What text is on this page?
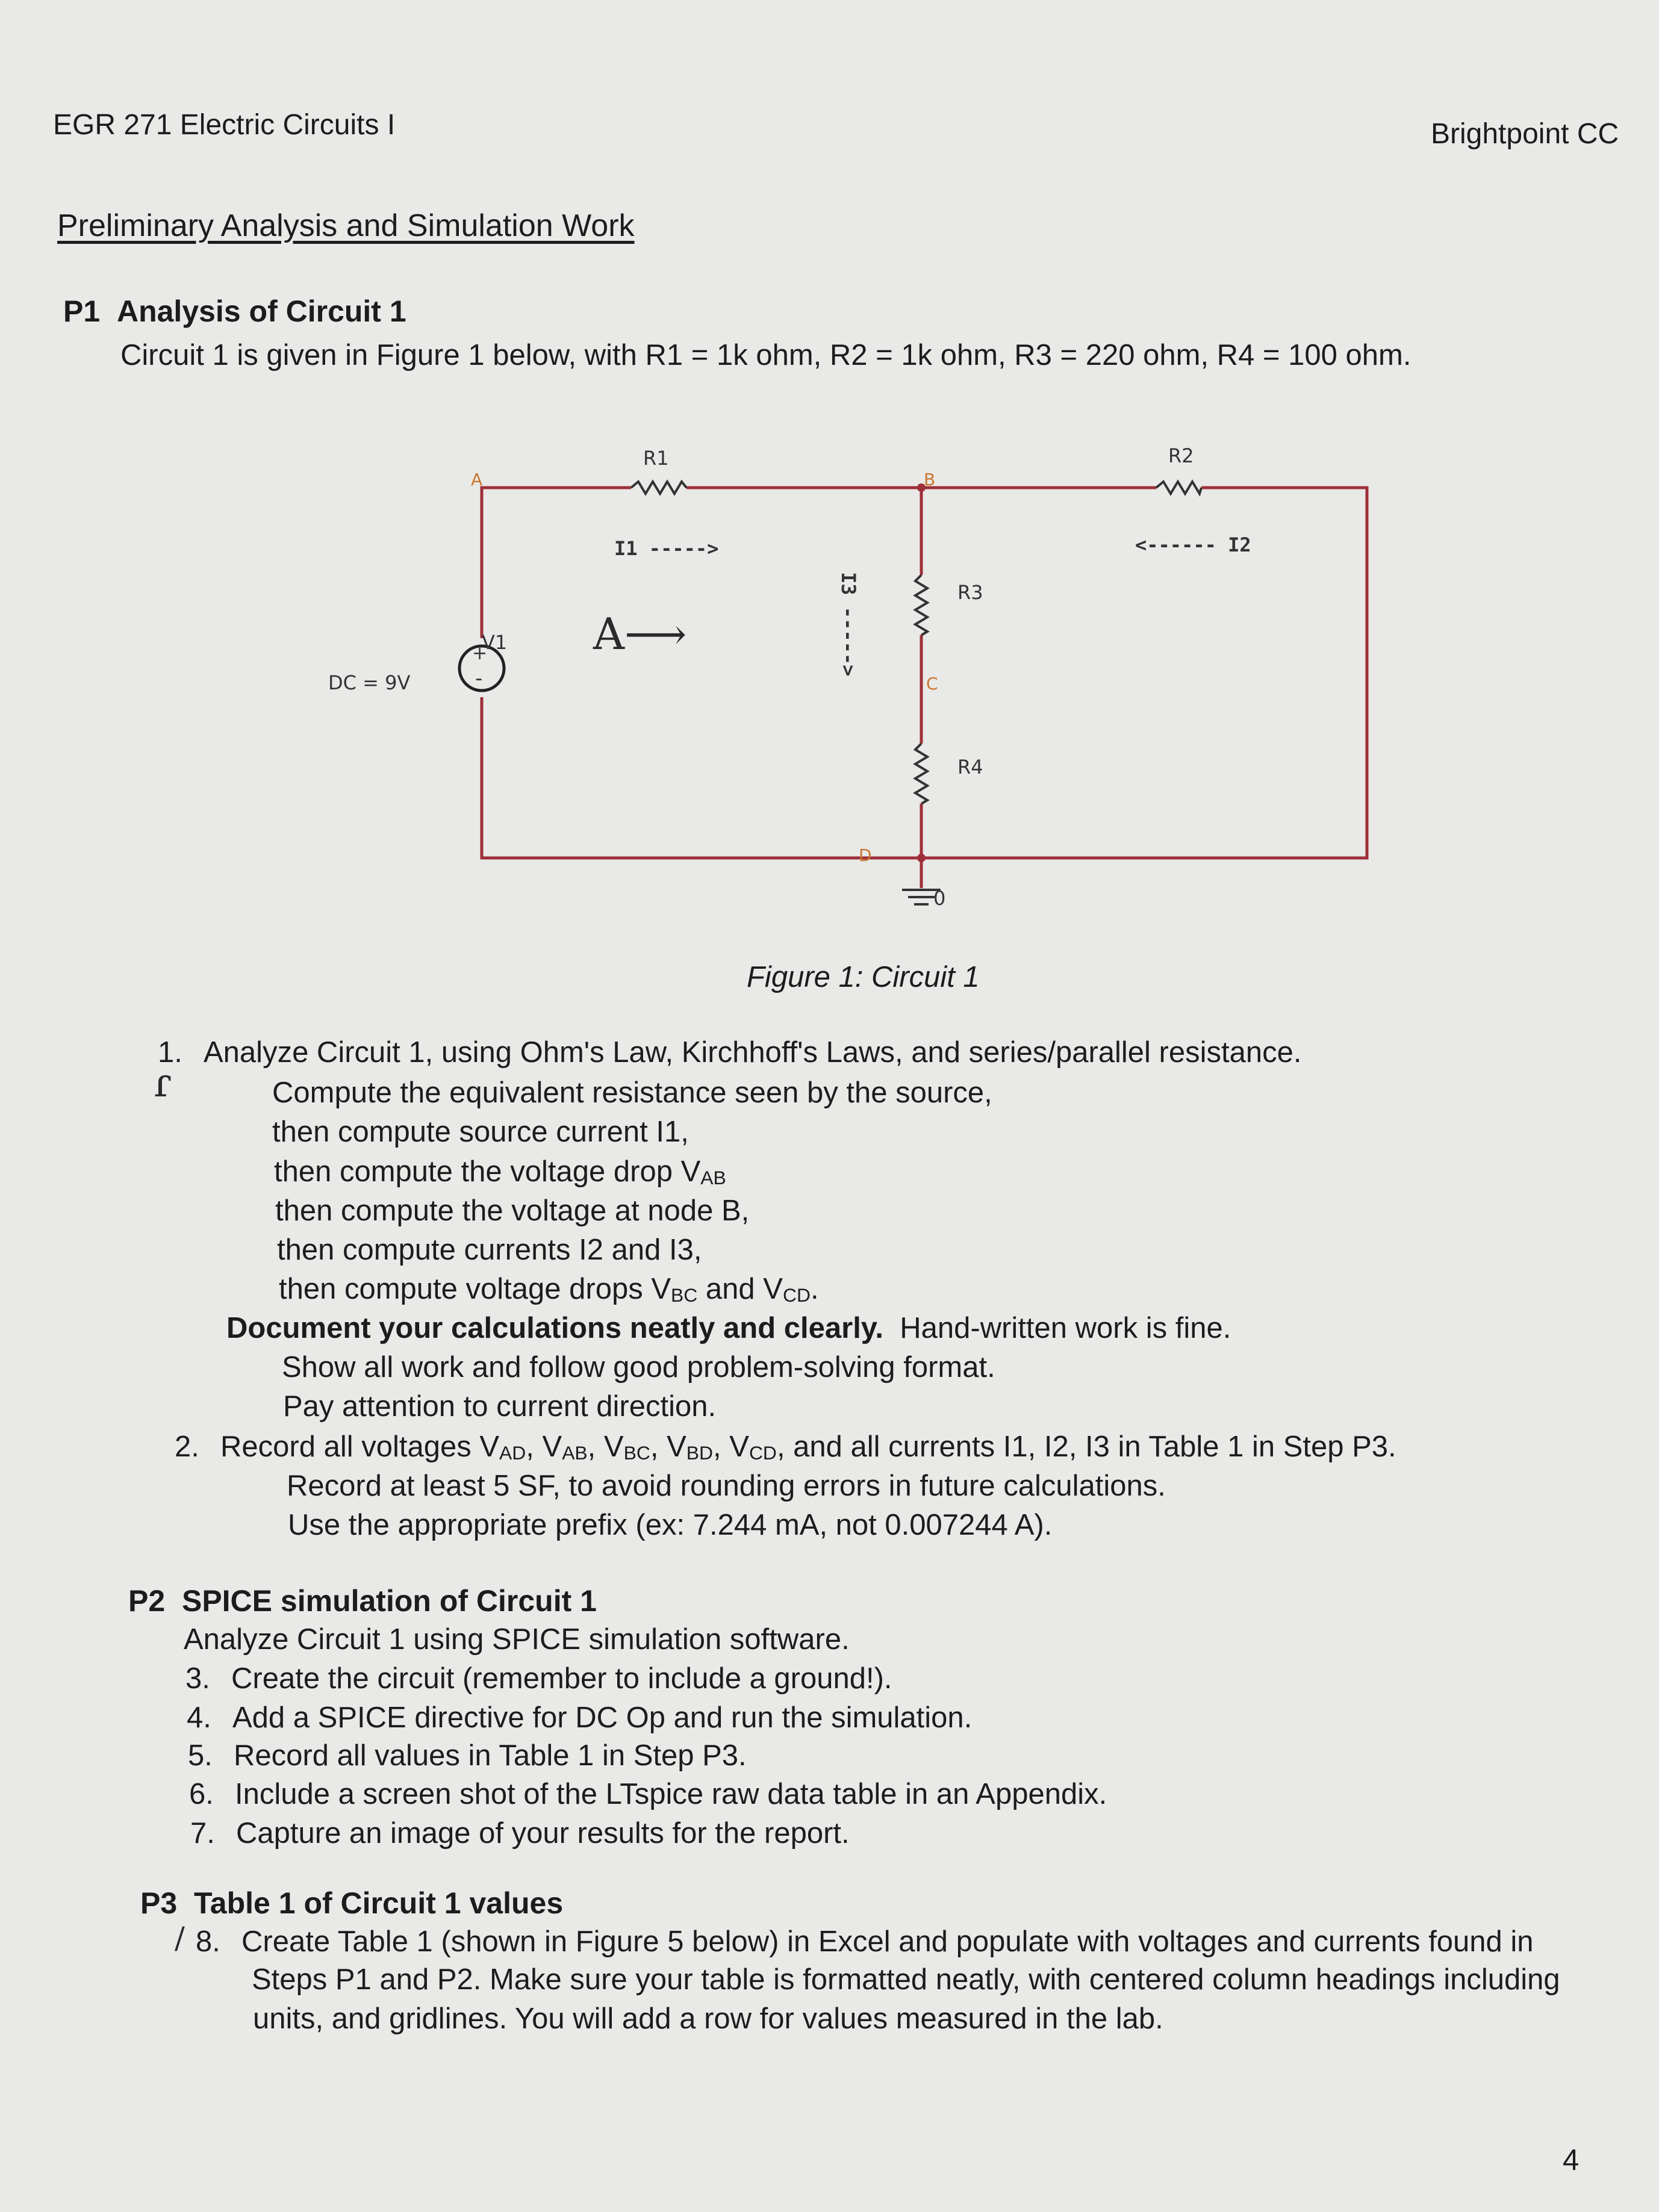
EGR 271 Electric Circuits I	Brightpoint CC
Preliminary Analysis and Simulation Work
P1 Analysis of Circuit 1
Circuit 1 is given in Figure 1 below, with R1 = 1k ohm, R2 = 1k ohm, R3 = 220 ohm, R4 = 100 ohm.
R1	R2
R3
R4
V1
DC = 9V
0
+
-
A	B
C
D
I1 ----->	<------ I2
I3 ----->
A⟶
Figure 1: Circuit 1
1. Analyze Circuit 1, using Ohm's Law, Kirchhoff's Laws, and series/parallel resistance.
ɾ	Compute the equivalent resistance seen by the source,
then compute source current I1,
then compute the voltage drop $V_{AB}$
then compute the voltage at node B,
then compute currents I2 and I3,
then compute voltage drops $V_{BC}$ and $V_{CD}$.
Document your calculations neatly and clearly.  Hand-written work is fine.
Show all work and follow good problem-solving format.
Pay attention to current direction.
2. Record all voltages $V_{AD}$, $V_{AB}$, $V_{BC}$, $V_{BD}$, $V_{CD}$, and all currents I1, I2, I3 in Table 1 in Step P3.
Record at least 5 SF, to avoid rounding errors in future calculations.
Use the appropriate prefix (ex: 7.244 mA, not 0.007244 A).
P2 SPICE simulation of Circuit 1
Analyze Circuit 1 using SPICE simulation software.
3. Create the circuit (remember to include a ground!).
4. Add a SPICE directive for DC Op and run the simulation.
5. Record all values in Table 1 in Step P3.
6. Include a screen shot of the LTspice raw data table in an Appendix.
7. Capture an image of your results for the report.
P3 Table 1 of Circuit 1 values
/ 8. Create Table 1 (shown in Figure 5 below) in Excel and populate with voltages and currents found in
Steps P1 and P2. Make sure your table is formatted neatly, with centered column headings including
units, and gridlines. You will add a row for values measured in the lab.
4
